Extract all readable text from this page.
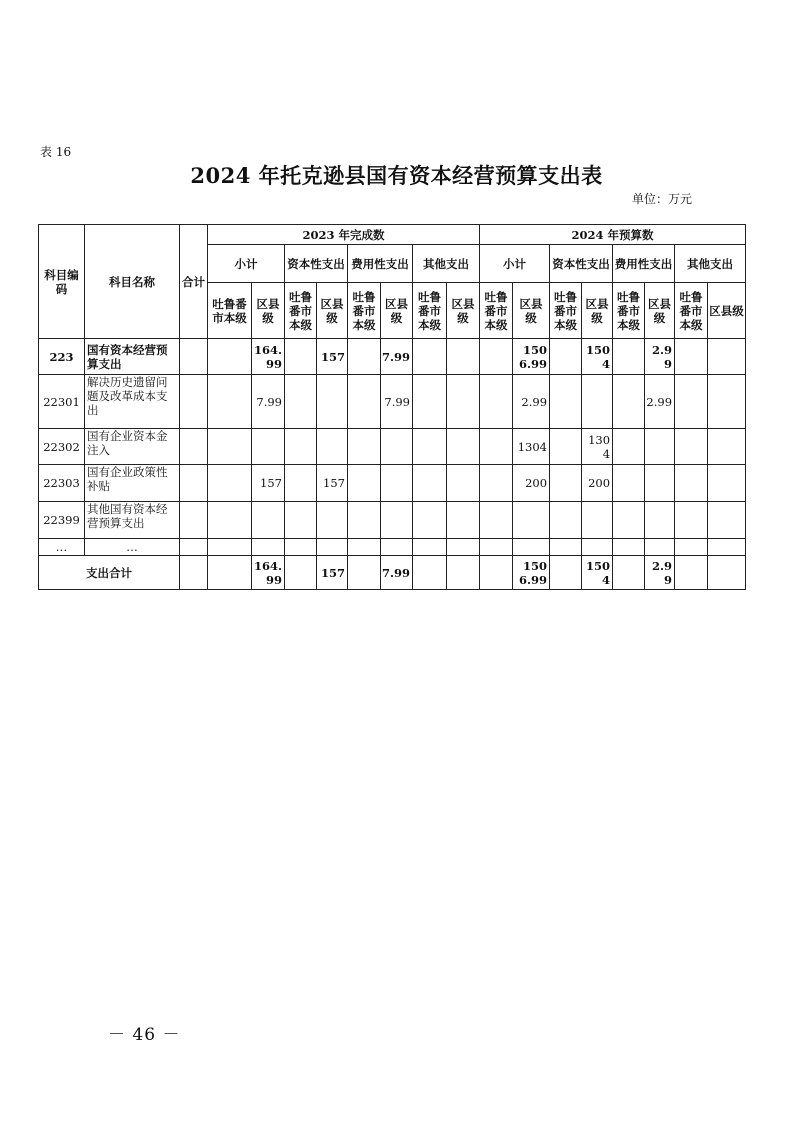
表 16
2024 年托克逊县国有资本经营预算支出表
单位：万元
科目编码	科目名称	合计	2023 年完成数								2024 年预算数							
			小计		资本性支出		费用性支出		其他支出		小计		资本性支出		费用性支出		其他支出	
			吐鲁番市本级	区县级	吐鲁番市本级	区县级	吐鲁番市本级	区县级	吐鲁番市本级	区县级	吐鲁番市本级	区县级	吐鲁番市本级	区县级	吐鲁番市本级	区县级	吐鲁番市本级	区县级
223	国有资本经营预算支出			164.99		157		7.99				1506.99		1504		2.99		
22301	解决历史遗留问题及改革成本支出			7.99				7.99				2.99				2.99		
22302	国有企业资本金注入											1304		1304				
22303	国有企业政策性补贴			157		157						200		200				
22399	其他国有资本经营预算支出																	
…	…																	
支出合计				164.99		157		7.99				1506.99		1504		2.99		
－ 46 －
